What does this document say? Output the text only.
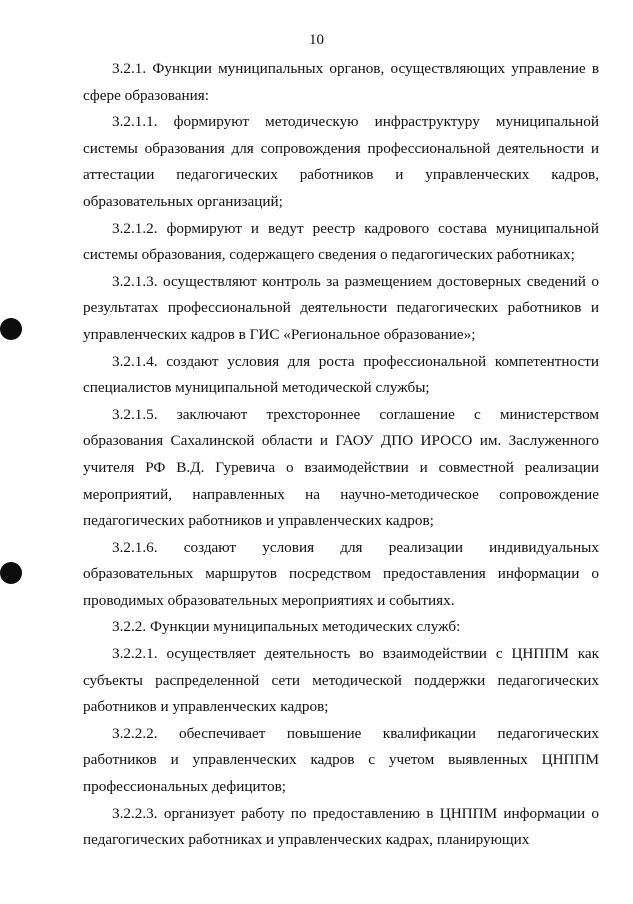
10

3.2.1. Функции муниципальных органов, осуществляющих управление в сфере образования:

3.2.1.1. формируют методическую инфраструктуру муниципальной системы образования для сопровождения профессиональной деятельности и аттестации педагогических работников и управленческих кадров, образовательных организаций;

3.2.1.2. формируют и ведут реестр кадрового состава муниципальной системы образования, содержащего сведения о педагогических работниках;

3.2.1.3. осуществляют контроль за размещением достоверных сведений о результатах профессиональной деятельности педагогических работников и управленческих кадров в ГИС «Региональное образование»;

3.2.1.4. создают условия для роста профессиональной компетентности специалистов муниципальной методической службы;

3.2.1.5. заключают трехстороннее соглашение с министерством образования Сахалинской области и ГАОУ ДПО ИРОСО им. Заслуженного учителя РФ В.Д. Гуревича о взаимодействии и совместной реализации мероприятий, направленных на научно-методическое сопровождение педагогических работников и управленческих кадров;

3.2.1.6. создают условия для реализации индивидуальных образовательных маршрутов посредством предоставления информации о проводимых образовательных мероприятиях и событиях.

3.2.2. Функции муниципальных методических служб:

3.2.2.1. осуществляет деятельность во взаимодействии с ЦНППМ как субъекты распределенной сети методической поддержки педагогических работников и управленческих кадров;

3.2.2.2. обеспечивает повышение квалификации педагогических работников и управленческих кадров с учетом выявленных ЦНППМ профессиональных дефицитов;

3.2.2.3. организует работу по предоставлению в ЦНППМ информации о педагогических работниках и управленческих кадрах, планирующих
